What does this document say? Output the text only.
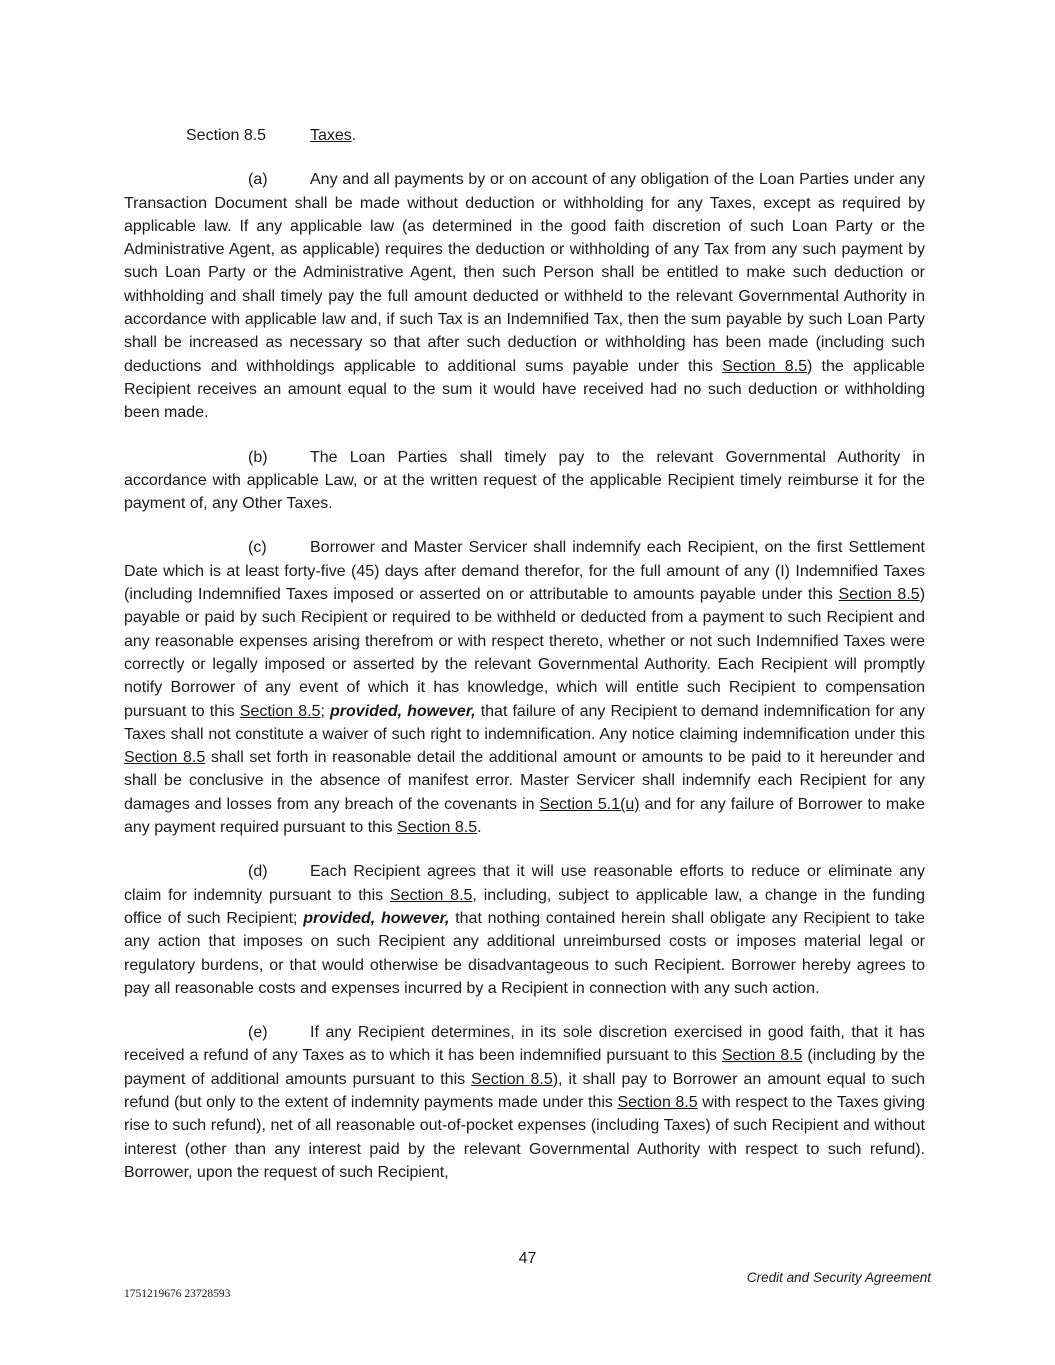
Section 8.5	Taxes.

(a)	Any and all payments by or on account of any obligation of the Loan Parties under any Transaction Document shall be made without deduction or withholding for any Taxes, except as required by applicable law. If any applicable law (as determined in the good faith discretion of such Loan Party or the Administrative Agent, as applicable) requires the deduction or withholding of any Tax from any such payment by such Loan Party or the Administrative Agent, then such Person shall be entitled to make such deduction or withholding and shall timely pay the full amount deducted or withheld to the relevant Governmental Authority in accordance with applicable law and, if such Tax is an Indemnified Tax, then the sum payable by such Loan Party shall be increased as necessary so that after such deduction or withholding has been made (including such deductions and withholdings applicable to additional sums payable under this Section 8.5) the applicable Recipient receives an amount equal to the sum it would have received had no such deduction or withholding been made.

(b)	The Loan Parties shall timely pay to the relevant Governmental Authority in accordance with applicable Law, or at the written request of the applicable Recipient timely reimburse it for the payment of, any Other Taxes.

(c)	Borrower and Master Servicer shall indemnify each Recipient, on the first Settlement Date which is at least forty-five (45) days after demand therefor, for the full amount of any (I) Indemnified Taxes (including Indemnified Taxes imposed or asserted on or attributable to amounts payable under this Section 8.5) payable or paid by such Recipient or required to be withheld or deducted from a payment to such Recipient and any reasonable expenses arising therefrom or with respect thereto, whether or not such Indemnified Taxes were correctly or legally imposed or asserted by the relevant Governmental Authority. Each Recipient will promptly notify Borrower of any event of which it has knowledge, which will entitle such Recipient to compensation pursuant to this Section 8.5; provided, however, that failure of any Recipient to demand indemnification for any Taxes shall not constitute a waiver of such right to indemnification. Any notice claiming indemnification under this Section 8.5 shall set forth in reasonable detail the additional amount or amounts to be paid to it hereunder and shall be conclusive in the absence of manifest error. Master Servicer shall indemnify each Recipient for any damages and losses from any breach of the covenants in Section 5.1(u) and for any failure of Borrower to make any payment required pursuant to this Section 8.5.

(d)	Each Recipient agrees that it will use reasonable efforts to reduce or eliminate any claim for indemnity pursuant to this Section 8.5, including, subject to applicable law, a change in the funding office of such Recipient; provided, however, that nothing contained herein shall obligate any Recipient to take any action that imposes on such Recipient any additional unreimbursed costs or imposes material legal or regulatory burdens, or that would otherwise be disadvantageous to such Recipient. Borrower hereby agrees to pay all reasonable costs and expenses incurred by a Recipient in connection with any such action.

(e)	If any Recipient determines, in its sole discretion exercised in good faith, that it has received a refund of any Taxes as to which it has been indemnified pursuant to this Section 8.5 (including by the payment of additional amounts pursuant to this Section 8.5), it shall pay to Borrower an amount equal to such refund (but only to the extent of indemnity payments made under this Section 8.5 with respect to the Taxes giving rise to such refund), net of all reasonable out-of-pocket expenses (including Taxes) of such Recipient and without interest (other than any interest paid by the relevant Governmental Authority with respect to such refund). Borrower, upon the request of such Recipient,

47
Credit and Security Agreement
1751219676 23728593
